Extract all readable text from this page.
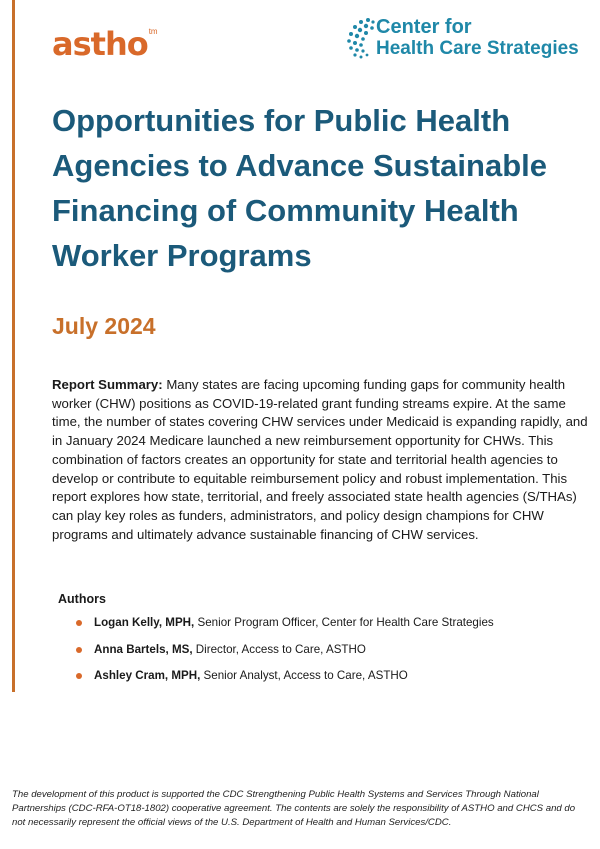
astho tm	Center for
Health Care Strategies
Opportunities for Public Health Agencies to Advance Sustainable Financing of Community Health Worker Programs
July 2024

Report Summary: Many states are facing upcoming funding gaps for community health worker (CHW) positions as COVID-19-related grant funding streams expire. At the same time, the number of states covering CHW services under Medicaid is expanding rapidly, and in January 2024 Medicare launched a new reimbursement opportunity for CHWs. This combination of factors creates an opportunity for state and territorial health agencies to develop or contribute to equitable reimbursement policy and robust implementation. This report explores how state, territorial, and freely associated state health agencies (S/THAs) can play key roles as funders, administrators, and policy design champions for CHW programs and ultimately advance sustainable financing of CHW services.

Authors
Logan Kelly, MPH, Senior Program Officer, Center for Health Care Strategies
Anna Bartels, MS, Director, Access to Care, ASTHO
Ashley Cram, MPH, Senior Analyst, Access to Care, ASTHO

The development of this product is supported the CDC Strengthening Public Health Systems and Services Through National Partnerships (CDC-RFA-OT18-1802) cooperative agreement. The contents are solely the responsibility of ASTHO and CHCS and do not necessarily represent the official views of the U.S. Department of Health and Human Services/CDC.
